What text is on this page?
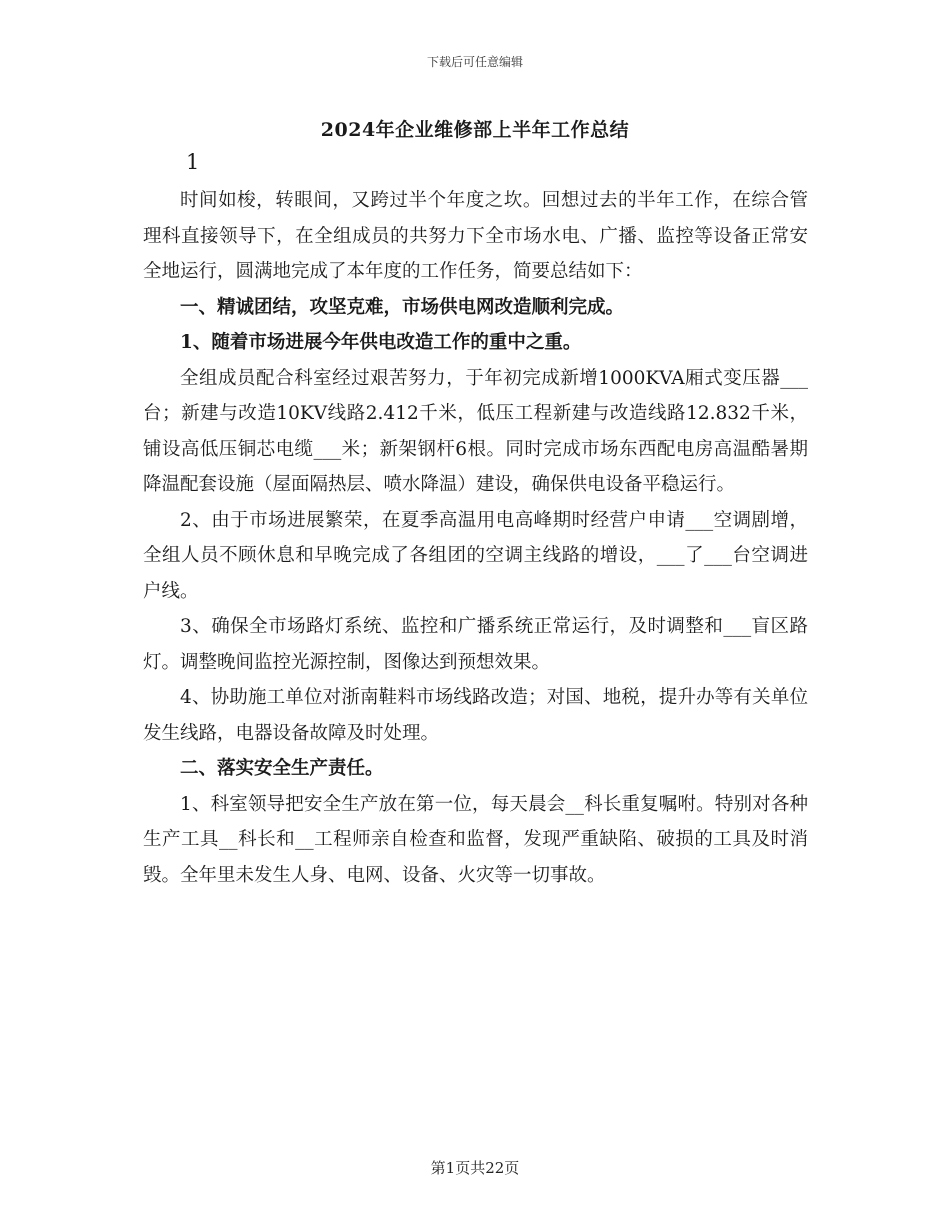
下载后可任意编辑
2024年企业维修部上半年工作总结
1

时间如梭，转眼间，又跨过半个年度之坎。回想过去的半年工作，在综合管理科直接领导下，在全组成员的共努力下全市场水电、广播、监控等设备正常安全地运行，圆满地完成了本年度的工作任务，简要总结如下：

一、精诚团结，攻坚克难，市场供电网改造顺利完成。

1、随着市场进展今年供电改造工作的重中之重。

全组成员配合科室经过艰苦努力，于年初完成新增1000KVA厢式变压器___台；新建与改造10KV线路2.412千米，低压工程新建与改造线路12.832千米，铺设高低压铜芯电缆___米；新架钢杆6根。同时完成市场东西配电房高温酷暑期降温配套设施（屋面隔热层、喷水降温）建设，确保供电设备平稳运行。

2、由于市场进展繁荣，在夏季高温用电高峰期时经营户申请___空调剧增，全组人员不顾休息和早晚完成了各组团的空调主线路的增设，___了___台空调进户线。

3、确保全市场路灯系统、监控和广播系统正常运行，及时调整和___盲区路灯。调整晚间监控光源控制，图像达到预想效果。

4、协助施工单位对浙南鞋料市场线路改造；对国、地税，提升办等有关单位发生线路，电器设备故障及时处理。

二、落实安全生产责任。

1、科室领导把安全生产放在第一位，每天晨会__科长重复嘱咐。特别对各种生产工具__科长和__工程师亲自检查和监督，发现严重缺陷、破损的工具及时消毁。全年里未发生人身、电网、设备、火灾等一切事故。

第1页共22页
